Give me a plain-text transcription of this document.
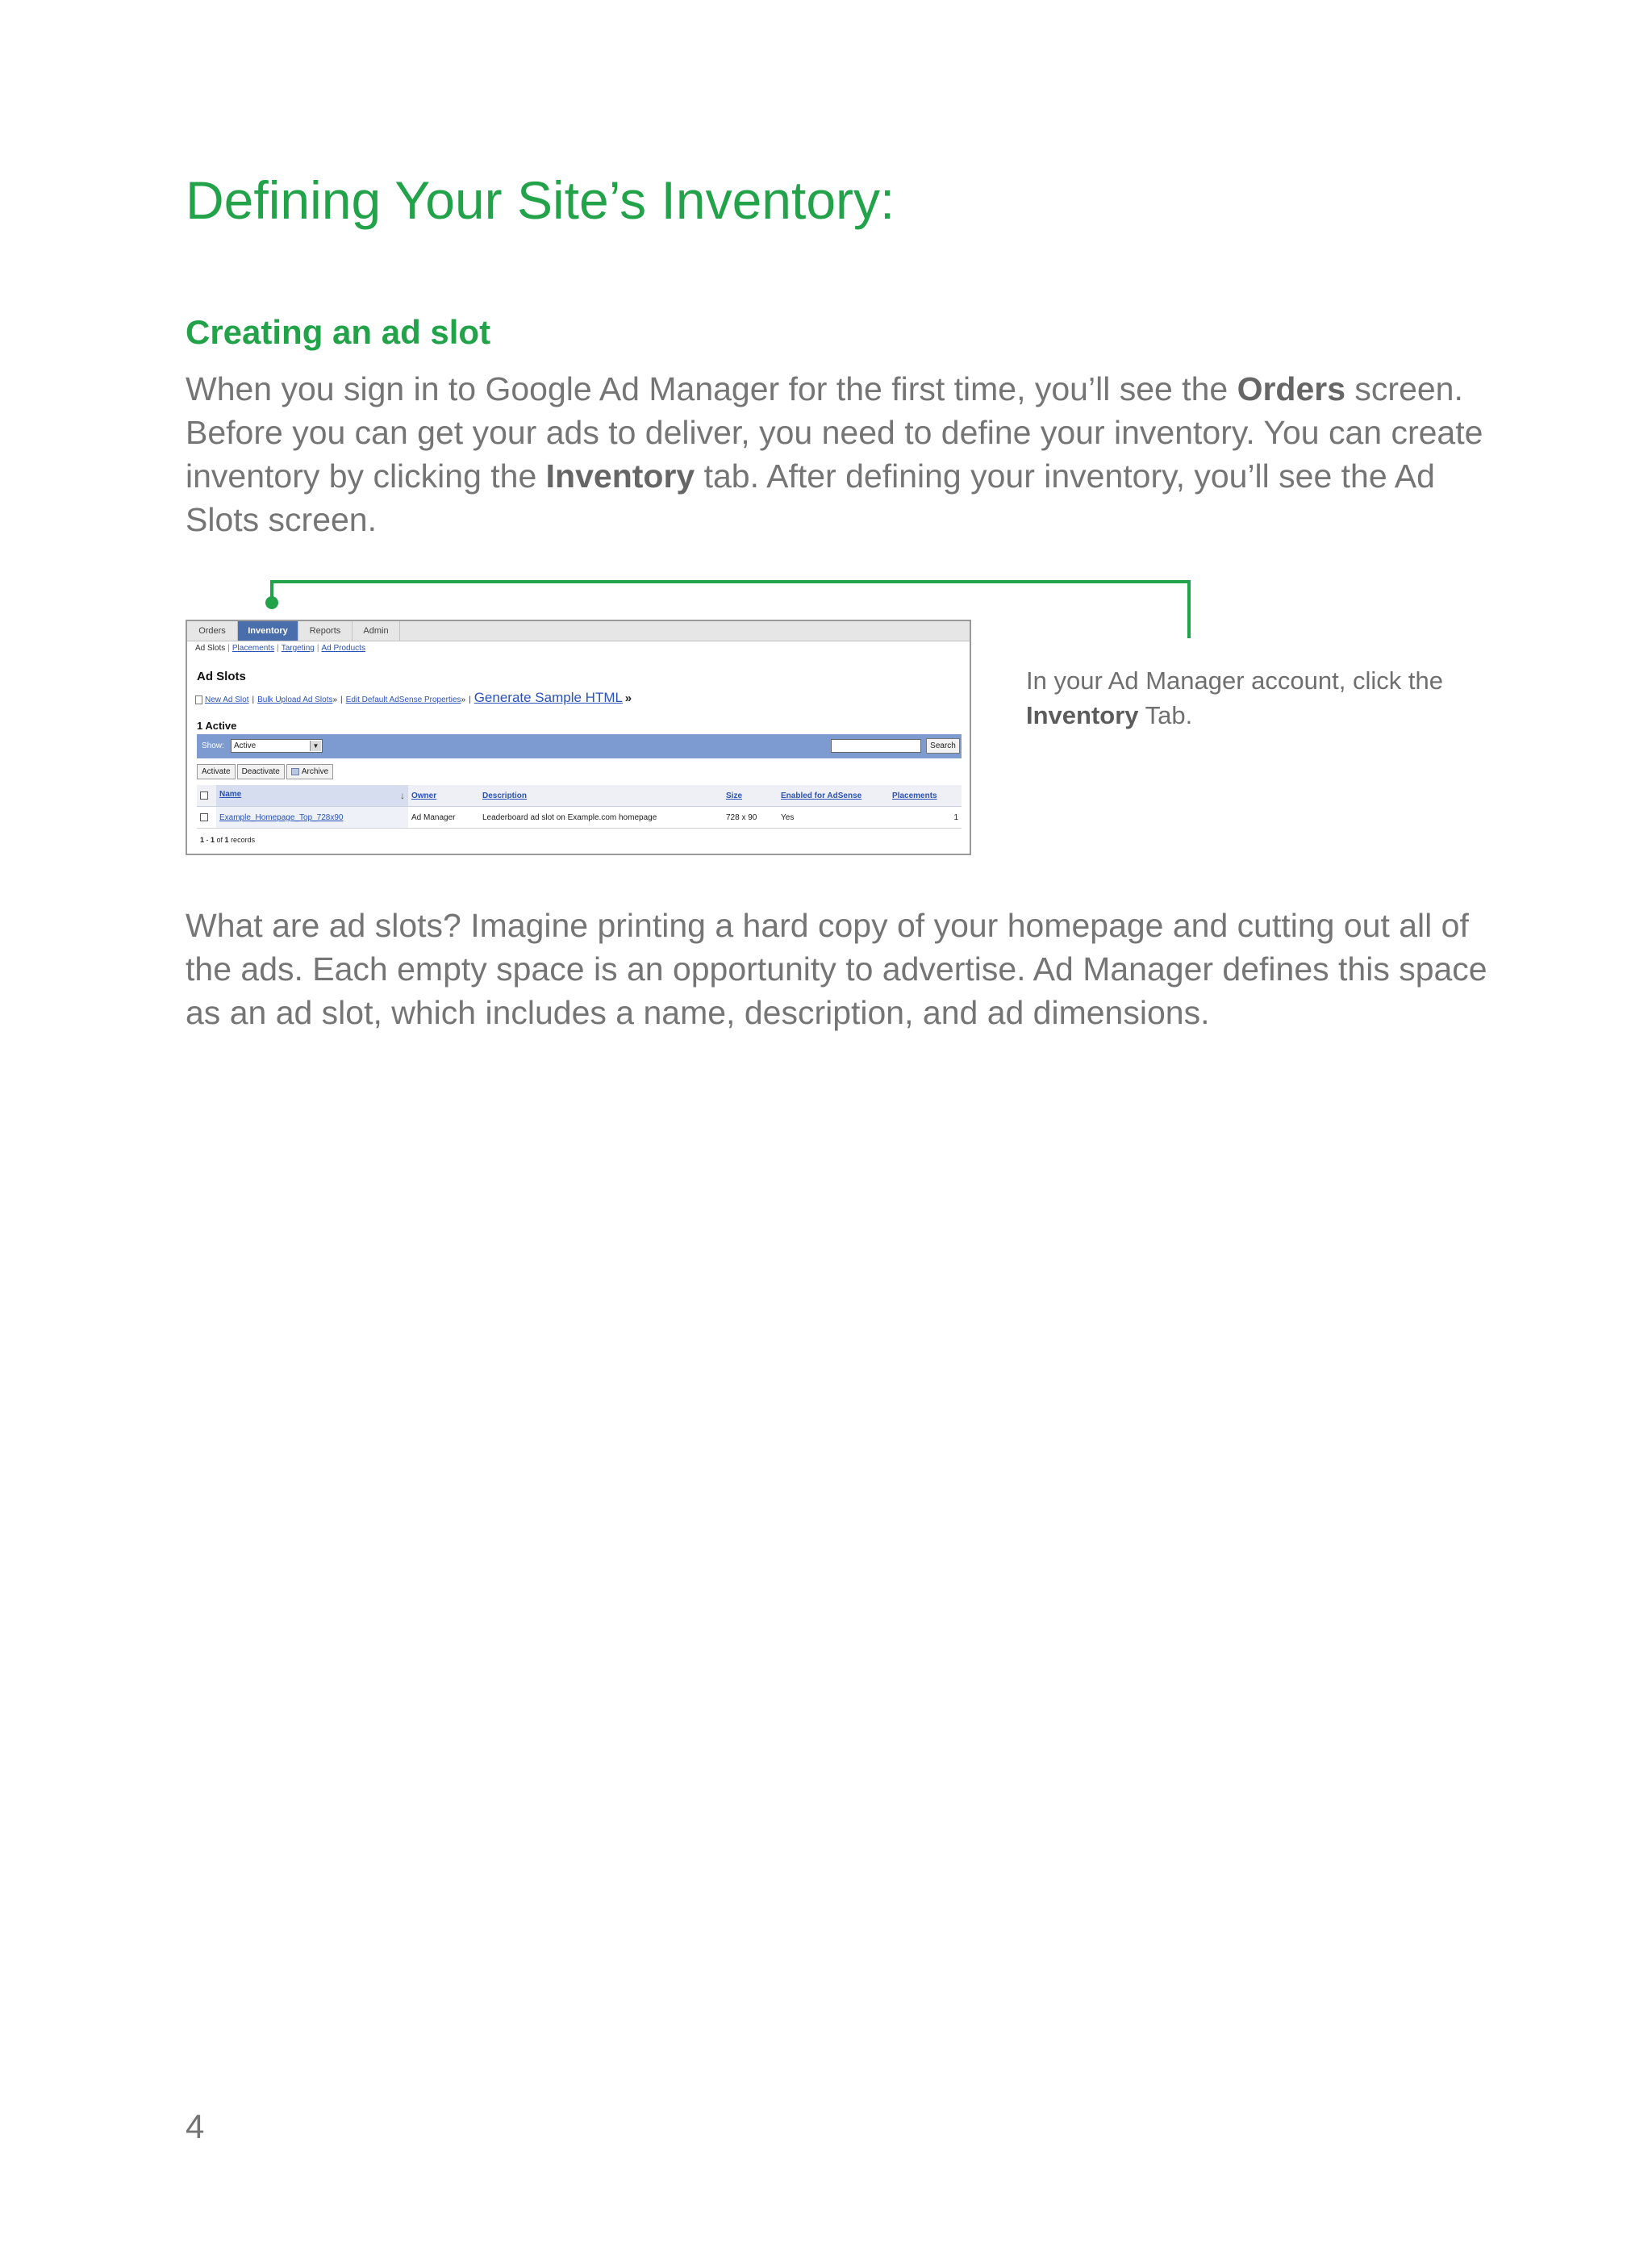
Defining Your Site’s Inventory:
Creating an ad slot

When you sign in to Google Ad Manager for the first time, you’ll see the Orders screen. Before you can get your ads to deliver, you need to define your inventory. You can create inventory by clicking the Inventory tab. After defining your inventory, you’ll see the Ad Slots screen.

In your Ad Manager account, click the Inventory Tab.
Orders	Inventory	Reports	Admin
Ad Slots | Placements | Targeting | Ad Products
Ad Slots
New Ad Slot | Bulk Upload Ad Slots» | Edit Default AdSense Properties» | Generate Sample HTML »
1 Active
Show:	Active	▼	Search
Activate Deactivate	Archive
	Name ↓	Owner	Description	Size	Enabled for AdSense	Placements
	Example_Homepage_Top_728x90	Ad Manager	Leaderboard ad slot on Example.com homepage	728 x 90	Yes	1
1 - 1 of 1 records

What are ad slots? Imagine printing a hard copy of your homepage and cutting out all of the ads. Each empty space is an opportunity to advertise. Ad Manager defines this space as an ad slot, which includes a name, description, and ad dimensions.

4
